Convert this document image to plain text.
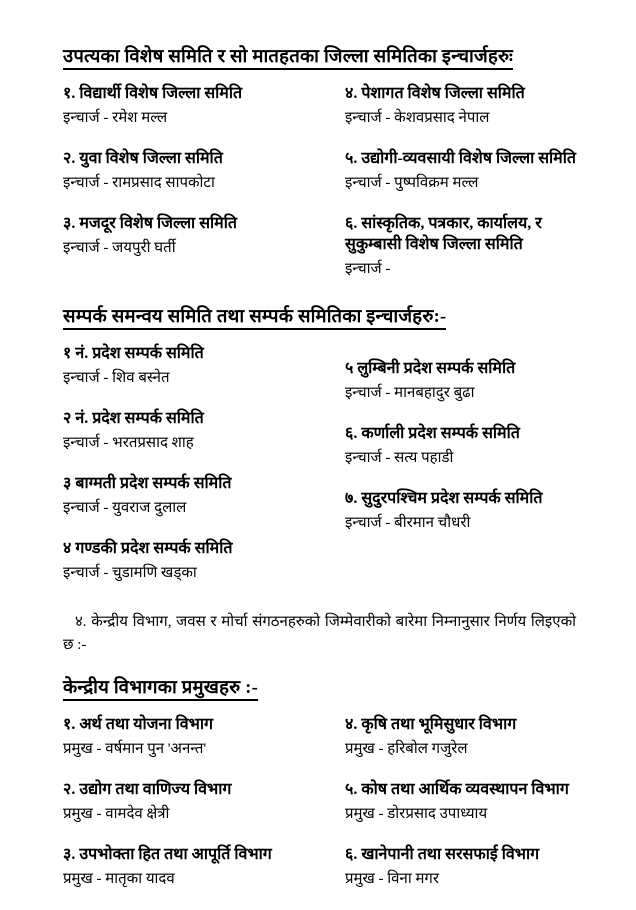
उपत्यका विशेष समिति र सो मातहतका जिल्ला समितिका इन्चार्जहरुः
१. विद्यार्थी विशेष जिल्ला समिति
इन्चार्ज - रमेश मल्ल
२. युवा विशेष जिल्ला समिति
इन्चार्ज - रामप्रसाद सापकोटा
३. मजदूर विशेष जिल्ला समिति
इन्चार्ज - जयपुरी घर्ती
४. पेशागत विशेष जिल्ला समिति
इन्चार्ज - केशवप्रसाद नेपाल
५. उद्योगी-व्यवसायी विशेष जिल्ला समिति
इन्चार्ज - पुष्पविक्रम मल्ल
६. सांस्कृतिक, पत्रकार, कार्यालय, र सुकुम्बासी विशेष जिल्ला समिति
इन्चार्ज -
सम्पर्क समन्वय समिति तथा सम्पर्क समितिका इन्चार्जहरु:-
१ नं. प्रदेश सम्पर्क समिति
इन्चार्ज - शिव बस्नेत
२ नं. प्रदेश सम्पर्क समिति
इन्चार्ज - भरतप्रसाद शाह
३ बाग्मती प्रदेश सम्पर्क समिति
इन्चार्ज - युवराज दुलाल
४ गण्डकी प्रदेश सम्पर्क समिति
इन्चार्ज - चुडामणि खड्का
५ लुम्बिनी प्रदेश सम्पर्क समिति
इन्चार्ज - मानबहादुर बुढा
६. कर्णाली प्रदेश सम्पर्क समिति
इन्चार्ज - सत्य पहाडी
७. सुदुरपश्चिम प्रदेश सम्पर्क समिति
इन्चार्ज - बीरमान चौधरी

४. केन्द्रीय विभाग, जवस र मोर्चा संगठनहरुको जिम्मेवारीको बारेमा निम्नानुसार निर्णय लिइएको छ :-

केन्द्रीय विभागका प्रमुखहरु :-
१. अर्थ तथा योजना विभाग
प्रमुख - वर्षमान पुन 'अनन्त'
२. उद्योग तथा वाणिज्य विभाग
प्रमुख - वामदेव क्षेत्री
३. उपभोक्ता हित तथा आपूर्ति विभाग
प्रमुख - मातृका यादव
४. कृषि तथा भूमिसुधार विभाग
प्रमुख - हरिबोल गजुरेल
५. कोष तथा आर्थिक व्यवस्थापन विभाग
प्रमुख - डोरप्रसाद उपाध्याय
६. खानेपानी तथा सरसफाई विभाग
प्रमुख - विना मगर
